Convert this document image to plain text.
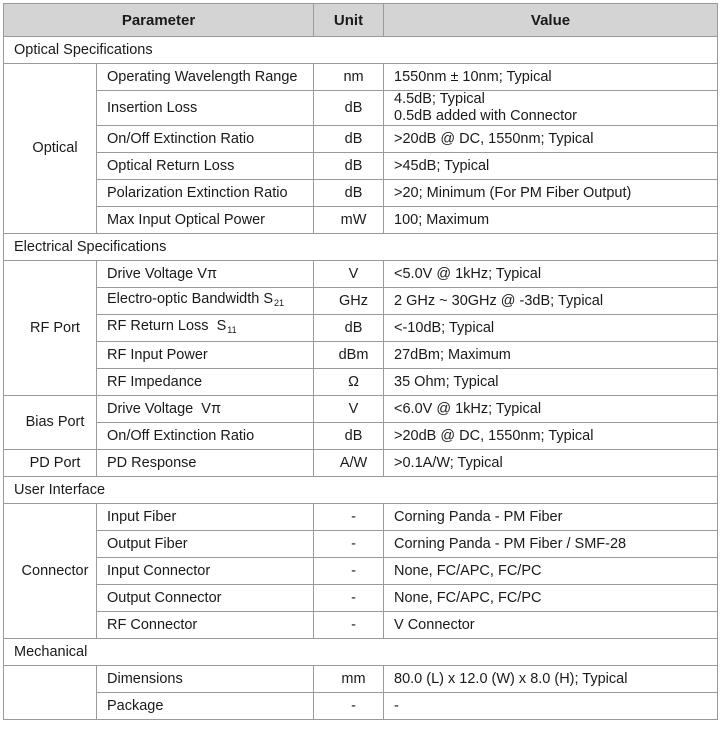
Parameter		Unit	Value
Optical Specifications			
Optical	Operating Wavelength Range	nm	1550nm ± 10nm; Typical
	Insertion Loss	dB	4.5dB; Typical
0.5dB added with Connector
	On/Off Extinction Ratio	dB	>20dB @ DC, 1550nm; Typical
	Optical Return Loss	dB	>45dB; Typical
	Polarization Extinction Ratio	dB	>20; Minimum (For PM Fiber Output)
	Max Input Optical Power	mW	100; Maximum
Electrical Specifications			
RF Port	Drive Voltage Vπ	V	<5.0V @ 1kHz; Typical
	Electro-optic Bandwidth $S_{21}$	GHz	2 GHz ~ 30GHz @ -3dB; Typical
	RF Return Loss  $S_{11}$	dB	<-10dB; Typical
	RF Input Power	dBm	27dBm; Maximum
	RF Impedance	Ω	35 Ohm; Typical
Bias Port	Drive Voltage  Vπ	V	<6.0V @ 1kHz; Typical
	On/Off Extinction Ratio	dB	>20dB @ DC, 1550nm; Typical
PD Port	PD Response	A/W	>0.1A/W; Typical
User Interface			
Connector	Input Fiber	-	Corning Panda - PM Fiber
	Output Fiber	-	Corning Panda - PM Fiber / SMF-28
	Input Connector	-	None, FC/APC, FC/PC
	Output Connector	-	None, FC/APC, FC/PC
	RF Connector	-	V Connector
Mechanical			
	Dimensions	mm	80.0 (L) x 12.0 (W) x 8.0 (H); Typical
	Package	-	-
